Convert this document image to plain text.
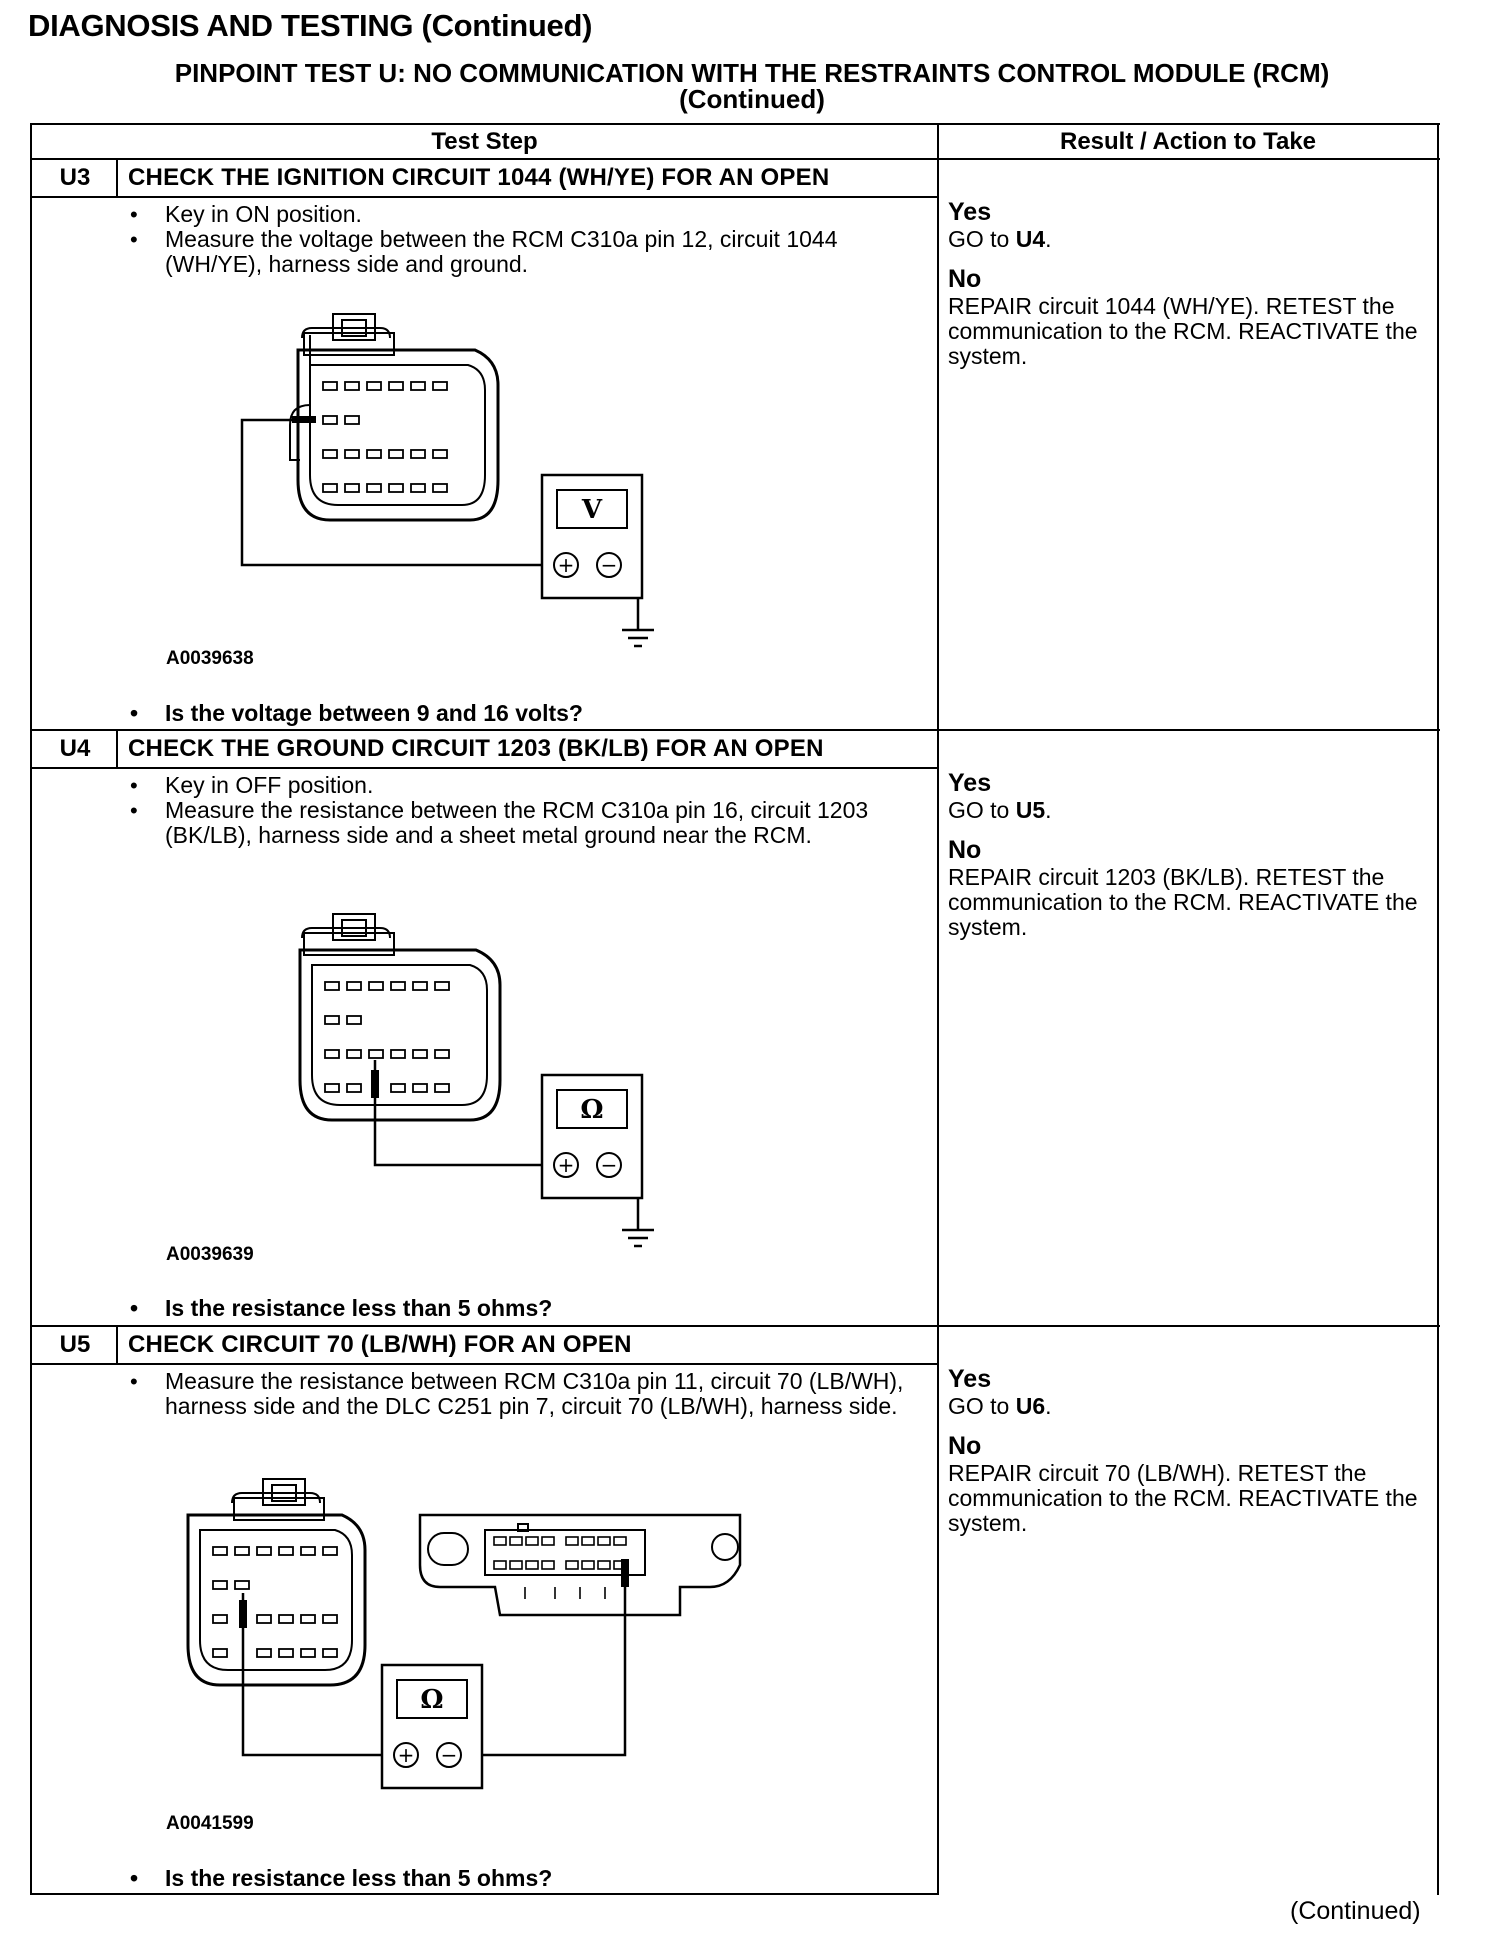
DIAGNOSIS AND TESTING (Continued)
PINPOINT TEST U: NO COMMUNICATION WITH THE RESTRAINTS CONTROL MODULE (RCM)
(Continued)
Test Step	Result / Action to Take
U3	CHECK THE IGNITION CIRCUIT 1044 (WH/YE) FOR AN OPEN
• Key in ON position.
• Measure the voltage between the RCM C310a pin 12, circuit 1044 (WH/YE), harness side and ground.
V
+ −
A0039638
• Is the voltage between 9 and 16 volts?
Yes
GO to U4.
No
REPAIR circuit 1044 (WH/YE). RETEST the communication to the RCM. REACTIVATE the system.
U4	CHECK THE GROUND CIRCUIT 1203 (BK/LB) FOR AN OPEN
• Key in OFF position.
• Measure the resistance between the RCM C310a pin 16, circuit 1203 (BK/LB), harness side and a sheet metal ground near the RCM.
Ω
+ −
A0039639
• Is the resistance less than 5 ohms?
Yes
GO to U5.
No
REPAIR circuit 1203 (BK/LB). RETEST the communication to the RCM. REACTIVATE the system.
U5	CHECK CIRCUIT 70 (LB/WH) FOR AN OPEN
• Measure the resistance between RCM C310a pin 11, circuit 70 (LB/WH), harness side and the DLC C251 pin 7, circuit 70 (LB/WH), harness side.
Ω
+ −
A0041599
• Is the resistance less than 5 ohms?
Yes
GO to U6.
No
REPAIR circuit 70 (LB/WH). RETEST the communication to the RCM. REACTIVATE the system.
(Continued)
